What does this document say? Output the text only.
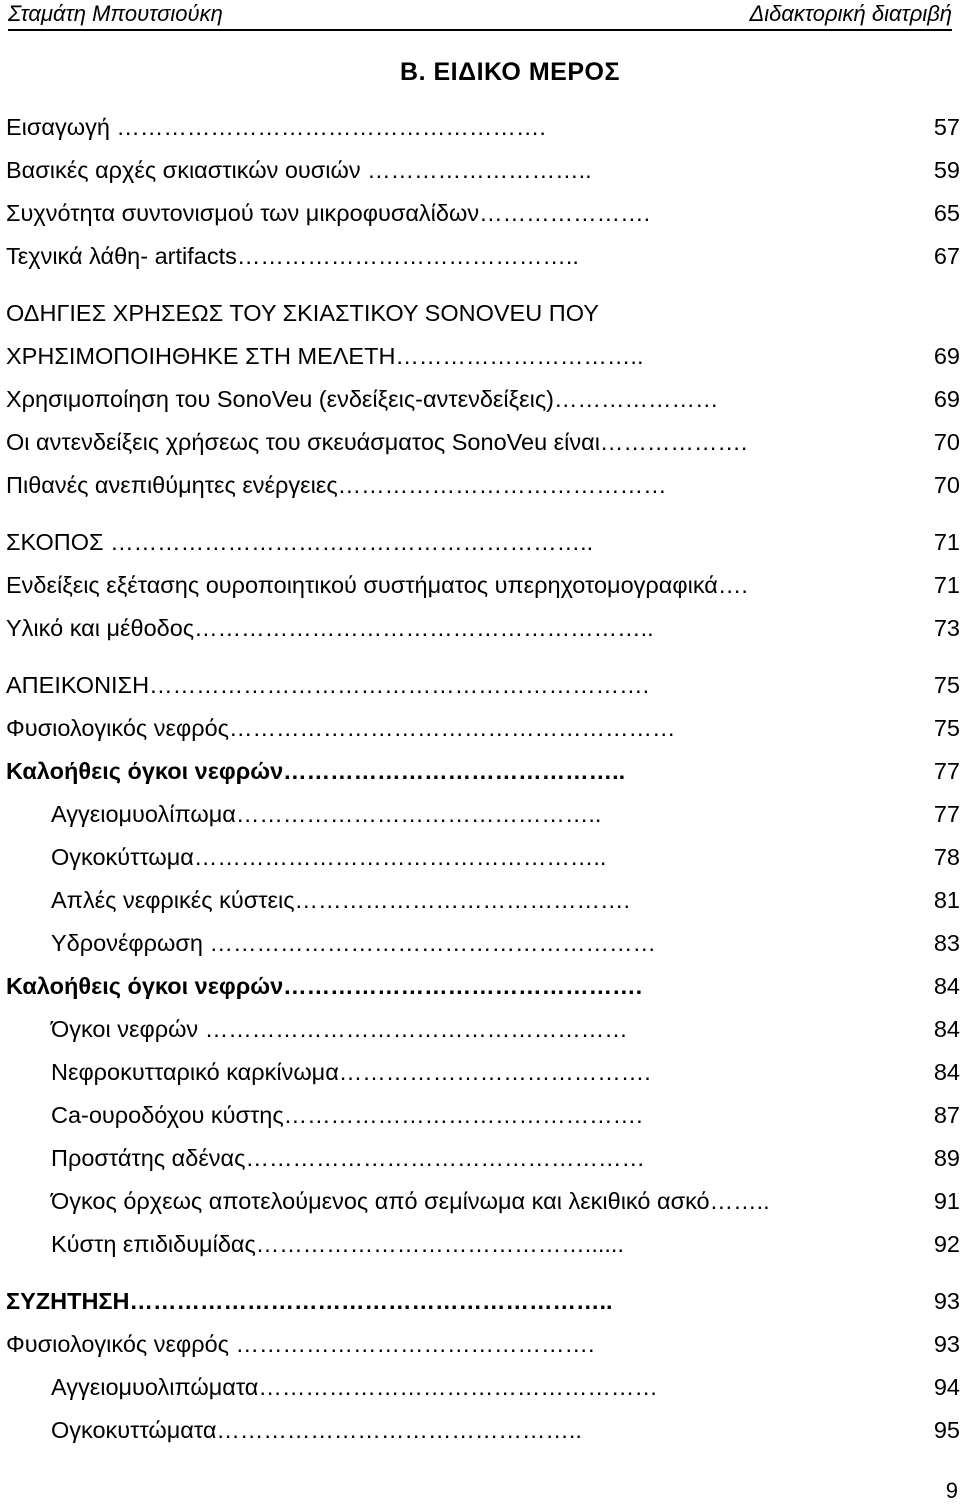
Σταμάτη Μπουτσιούκη	Διδακτορική διατριβή
Β. ΕΙΔΙΚΟ ΜΕΡΟΣ
Εισαγωγή ……………………………………………….	57
Βασικές αρχές σκιαστικών ουσιών ………………………..	59
Συχνότητα συντονισμού των μικροφυσαλίδων………………….	65
Τεχνικά λάθη- artifacts……………………………………..	67
ΟΔΗΓΙΕΣ ΧΡΗΣΕΩΣ ΤΟΥ ΣΚΙΑΣΤΙΚΟΥ SONOVEU ΠΟΥ
ΧΡΗΣΙΜΟΠΟΙΗΘΗΚΕ ΣΤΗ ΜΕΛΕΤΗ…………………………..	69
Χρησιμοποίηση του SonoVeu (ενδείξεις-αντενδείξεις)…………………	69
Οι αντενδείξεις χρήσεως του σκευάσματος SonoVeu είναι……………….	70
Πιθανές ανεπιθύμητες ενέργειες……………………………………	70
ΣΚΟΠΟΣ ……………………………………………………..	71
Ενδείξεις εξέτασης ουροποιητικού συστήματος υπερηχοτομογραφικά….	71
Υλικό και μέθοδος…………………………………………………..	73
ΑΠΕΙΚΟΝΙΣΗ……………………………………………………….	75
Φυσιολογικός νεφρός…………………………………………………	75
Καλοήθεις όγκοι νεφρών……………………………………..	77
Αγγειομυολίπωμα………………………………………..	77
Ογκοκύττωμα……………………………………………..	78
Απλές νεφρικές κύστεις…………………………………….	81
Υδρονέφρωση …………………………………………………	83
Καλοήθεις όγκοι νεφρών……………………………………….	84
Όγκοι νεφρών ………………………………………………	84
Νεφροκυτταρικό καρκίνωμα………………………………….	84
Ca-ουροδόχου κύστης……………………………………….	87
Προστάτης αδένας……………………………………………	89
Όγκος όρχεως αποτελούμενος από σεμίνωμα και λεκιθικό ασκό……..	91
Κύστη επιδιδυμίδας……………………………………......	92
ΣΥΖΗΤΗΣΗ……………………………………………………..	93
Φυσιολογικός νεφρός ……………………………………….	93
Αγγειομυολιπώματα……………………………………………	94
Ογκοκυττώματα………………………………………..	95
9
